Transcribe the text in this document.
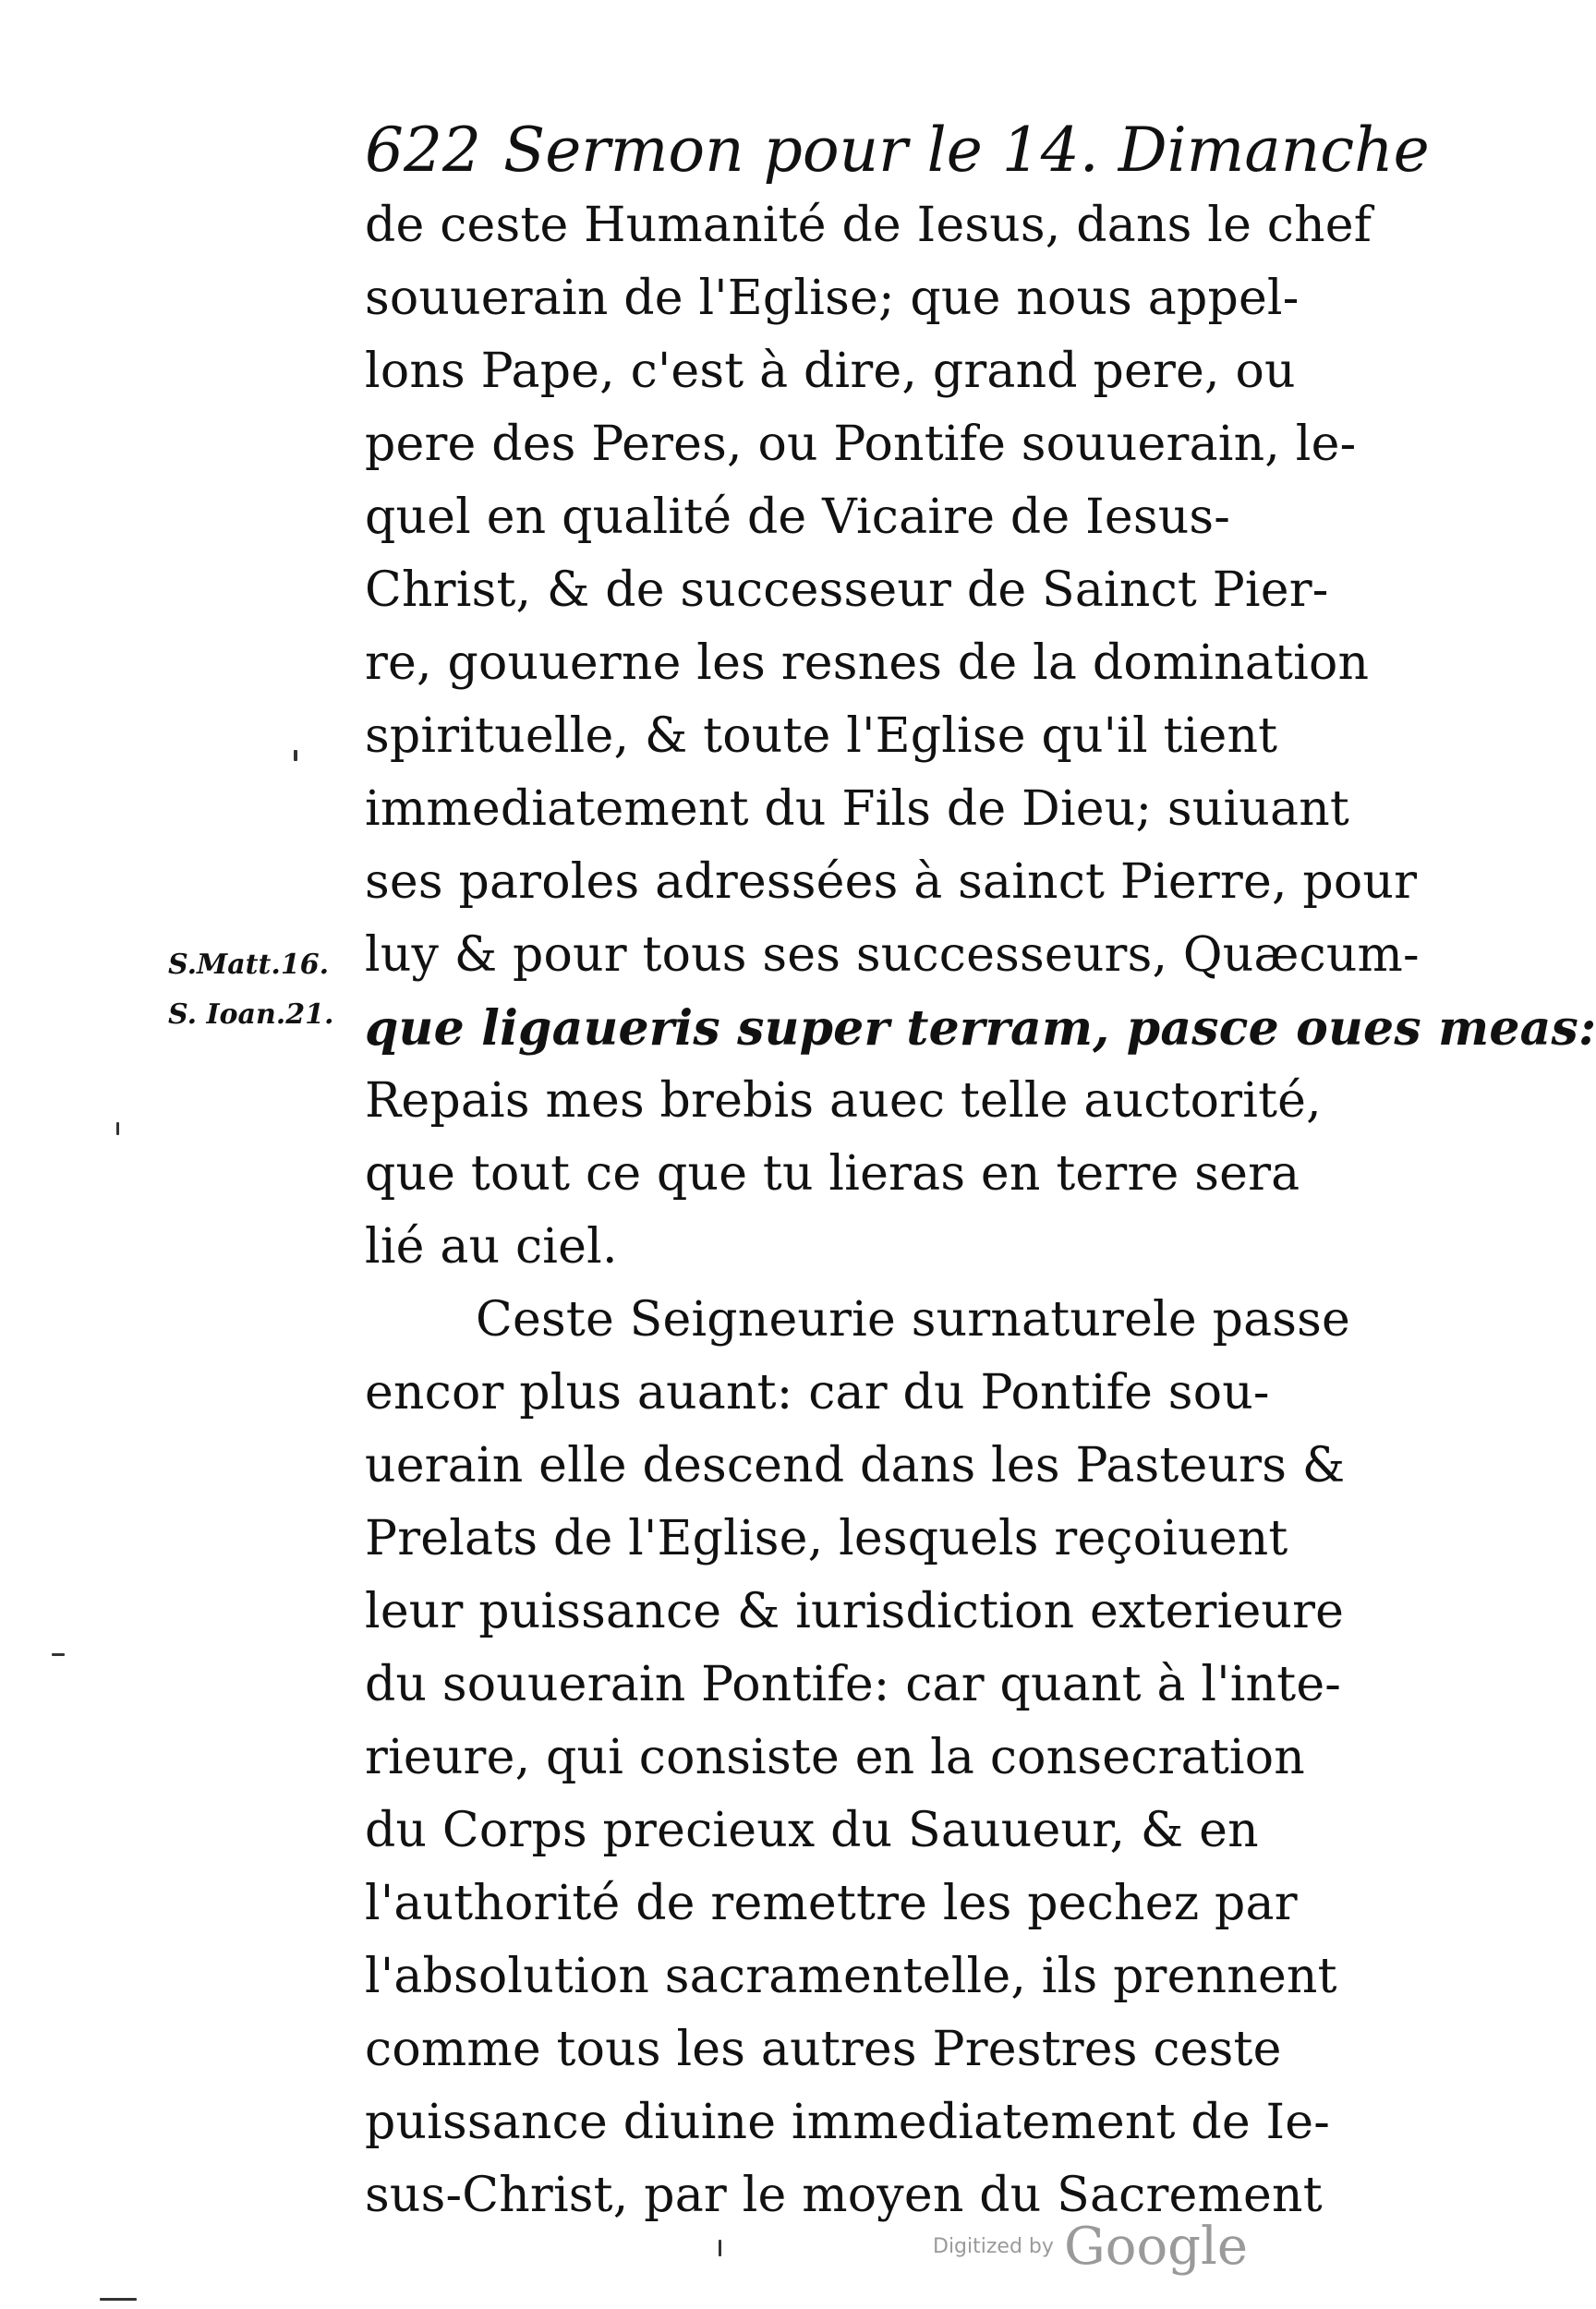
622 Sermon pour le 14. Dimanche
S.Matt.16.
S. Ioan.21.
de ceste Humanité de Iesus, dans le chef
souuerain de l'Eglise; que nous appel-
lons Pape, c'est à dire, grand pere, ou
pere des Peres, ou Pontife souuerain, le-
quel en qualité de Vicaire de Iesus-
Christ, & de successeur de Sainct Pier-
re, gouuerne les resnes de la domination
spirituelle, & toute l'Eglise qu'il tient
immediatement du Fils de Dieu; suiuant
ses paroles adressées à sainct Pierre, pour
luy & pour tous ses successeurs, Quæcum-
que ligaueris super terram, pasce oues meas:
Repais mes brebis auec telle auctorité,
que tout ce que tu lieras en terre sera
lié au ciel.
Ceste Seigneurie surnaturele passe
encor plus auant: car du Pontife sou-
uerain elle descend dans les Pasteurs &
Prelats de l'Eglise, lesquels reçoiuent
leur puissance & iurisdiction exterieure
du souuerain Pontife: car quant à l'inte-
rieure, qui consiste en la consecration
du Corps precieux du Sauueur, & en
l'authorité de remettre les pechez par
l'absolution sacramentelle, ils prennent
comme tous les autres Prestres ceste
puissance diuine immediatement de Ie-
sus-Christ, par le moyen du Sacrement
Digitized by Google
